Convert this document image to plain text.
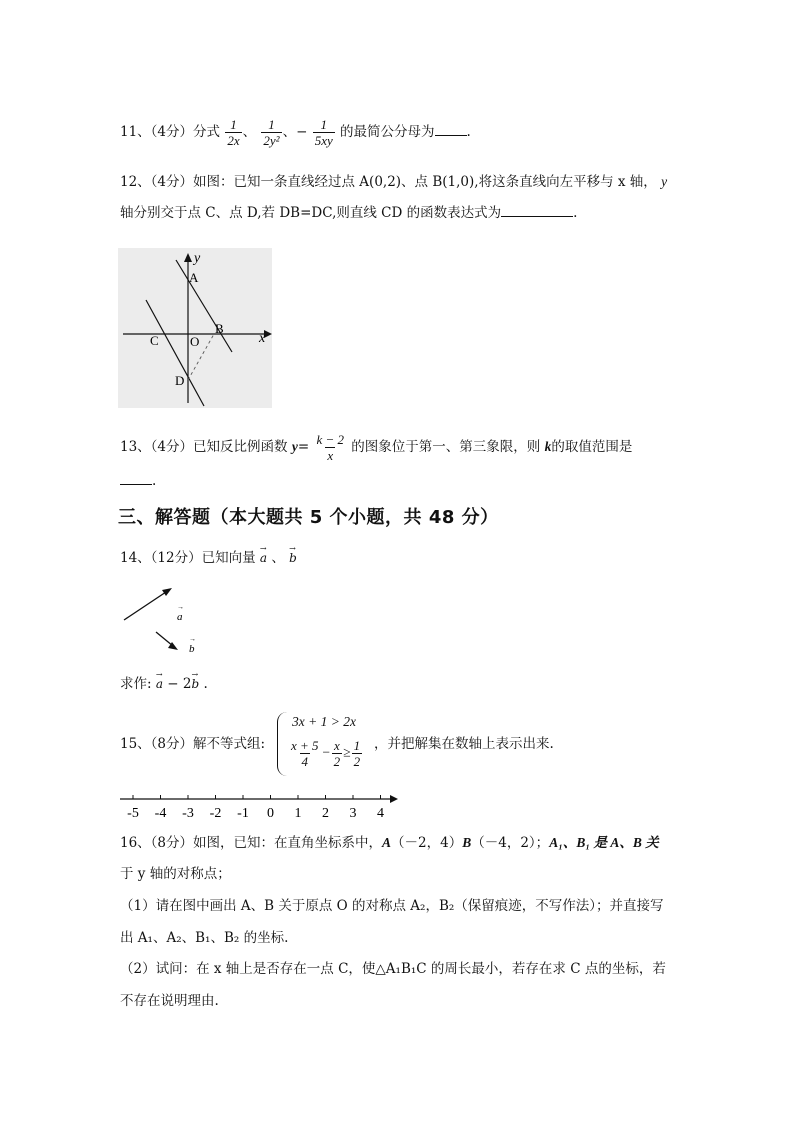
11、（4分）分式 $\frac{1}{2x}$ 、 $\frac{1}{\text{2y²}}$ 、− $\frac{1}{5xy}$ 的最简公分母为 .
12、（4分）如图：已知一条直线经过点 A(0,2)、点 B(1,0),将这条直线向左平移与 x 轴， y
轴分别交于点 C、点 D,若 DB=DC,则直线 CD 的函数表达式为	.
y
x
A
B
C O
D
13、（4分）已知反比例函数 $y= \frac{k - 2}{x}$ 的图象位于第一、第三象限，则 k的取值范围是
.
三、解答题（本大题共 5 个小题，共 48 分）
14、（12分）已知向量 → a 、 → b
a
→
b
→
求作: → a − 2→ b .
15、（8分）解不等式组:
3x + 1 > 2x
$\frac{x + 5}{4} - \frac{x}{2} \ge \frac{1}{2}$ ，并把解集在数轴上表示出来.
-5 -4 -3 -2 -1 0 1 2 3 4
16、（8分）如图，已知：在直角坐标系中，A（－2，4）B（－4，2）；A₁、B₁ 是 A、B 关
于 y 轴的对称点；
（1）请在图中画出 A、B 关于原点 O 的对称点 A₂，B₂（保留痕迹，不写作法）；并直接写
出 A₁、A₂、B₁、B₂ 的坐标.
（2）试问：在 x 轴上是否存在一点 C，使△A₁B₁C 的周长最小，若存在求 C 点的坐标，若
不存在说明理由.
